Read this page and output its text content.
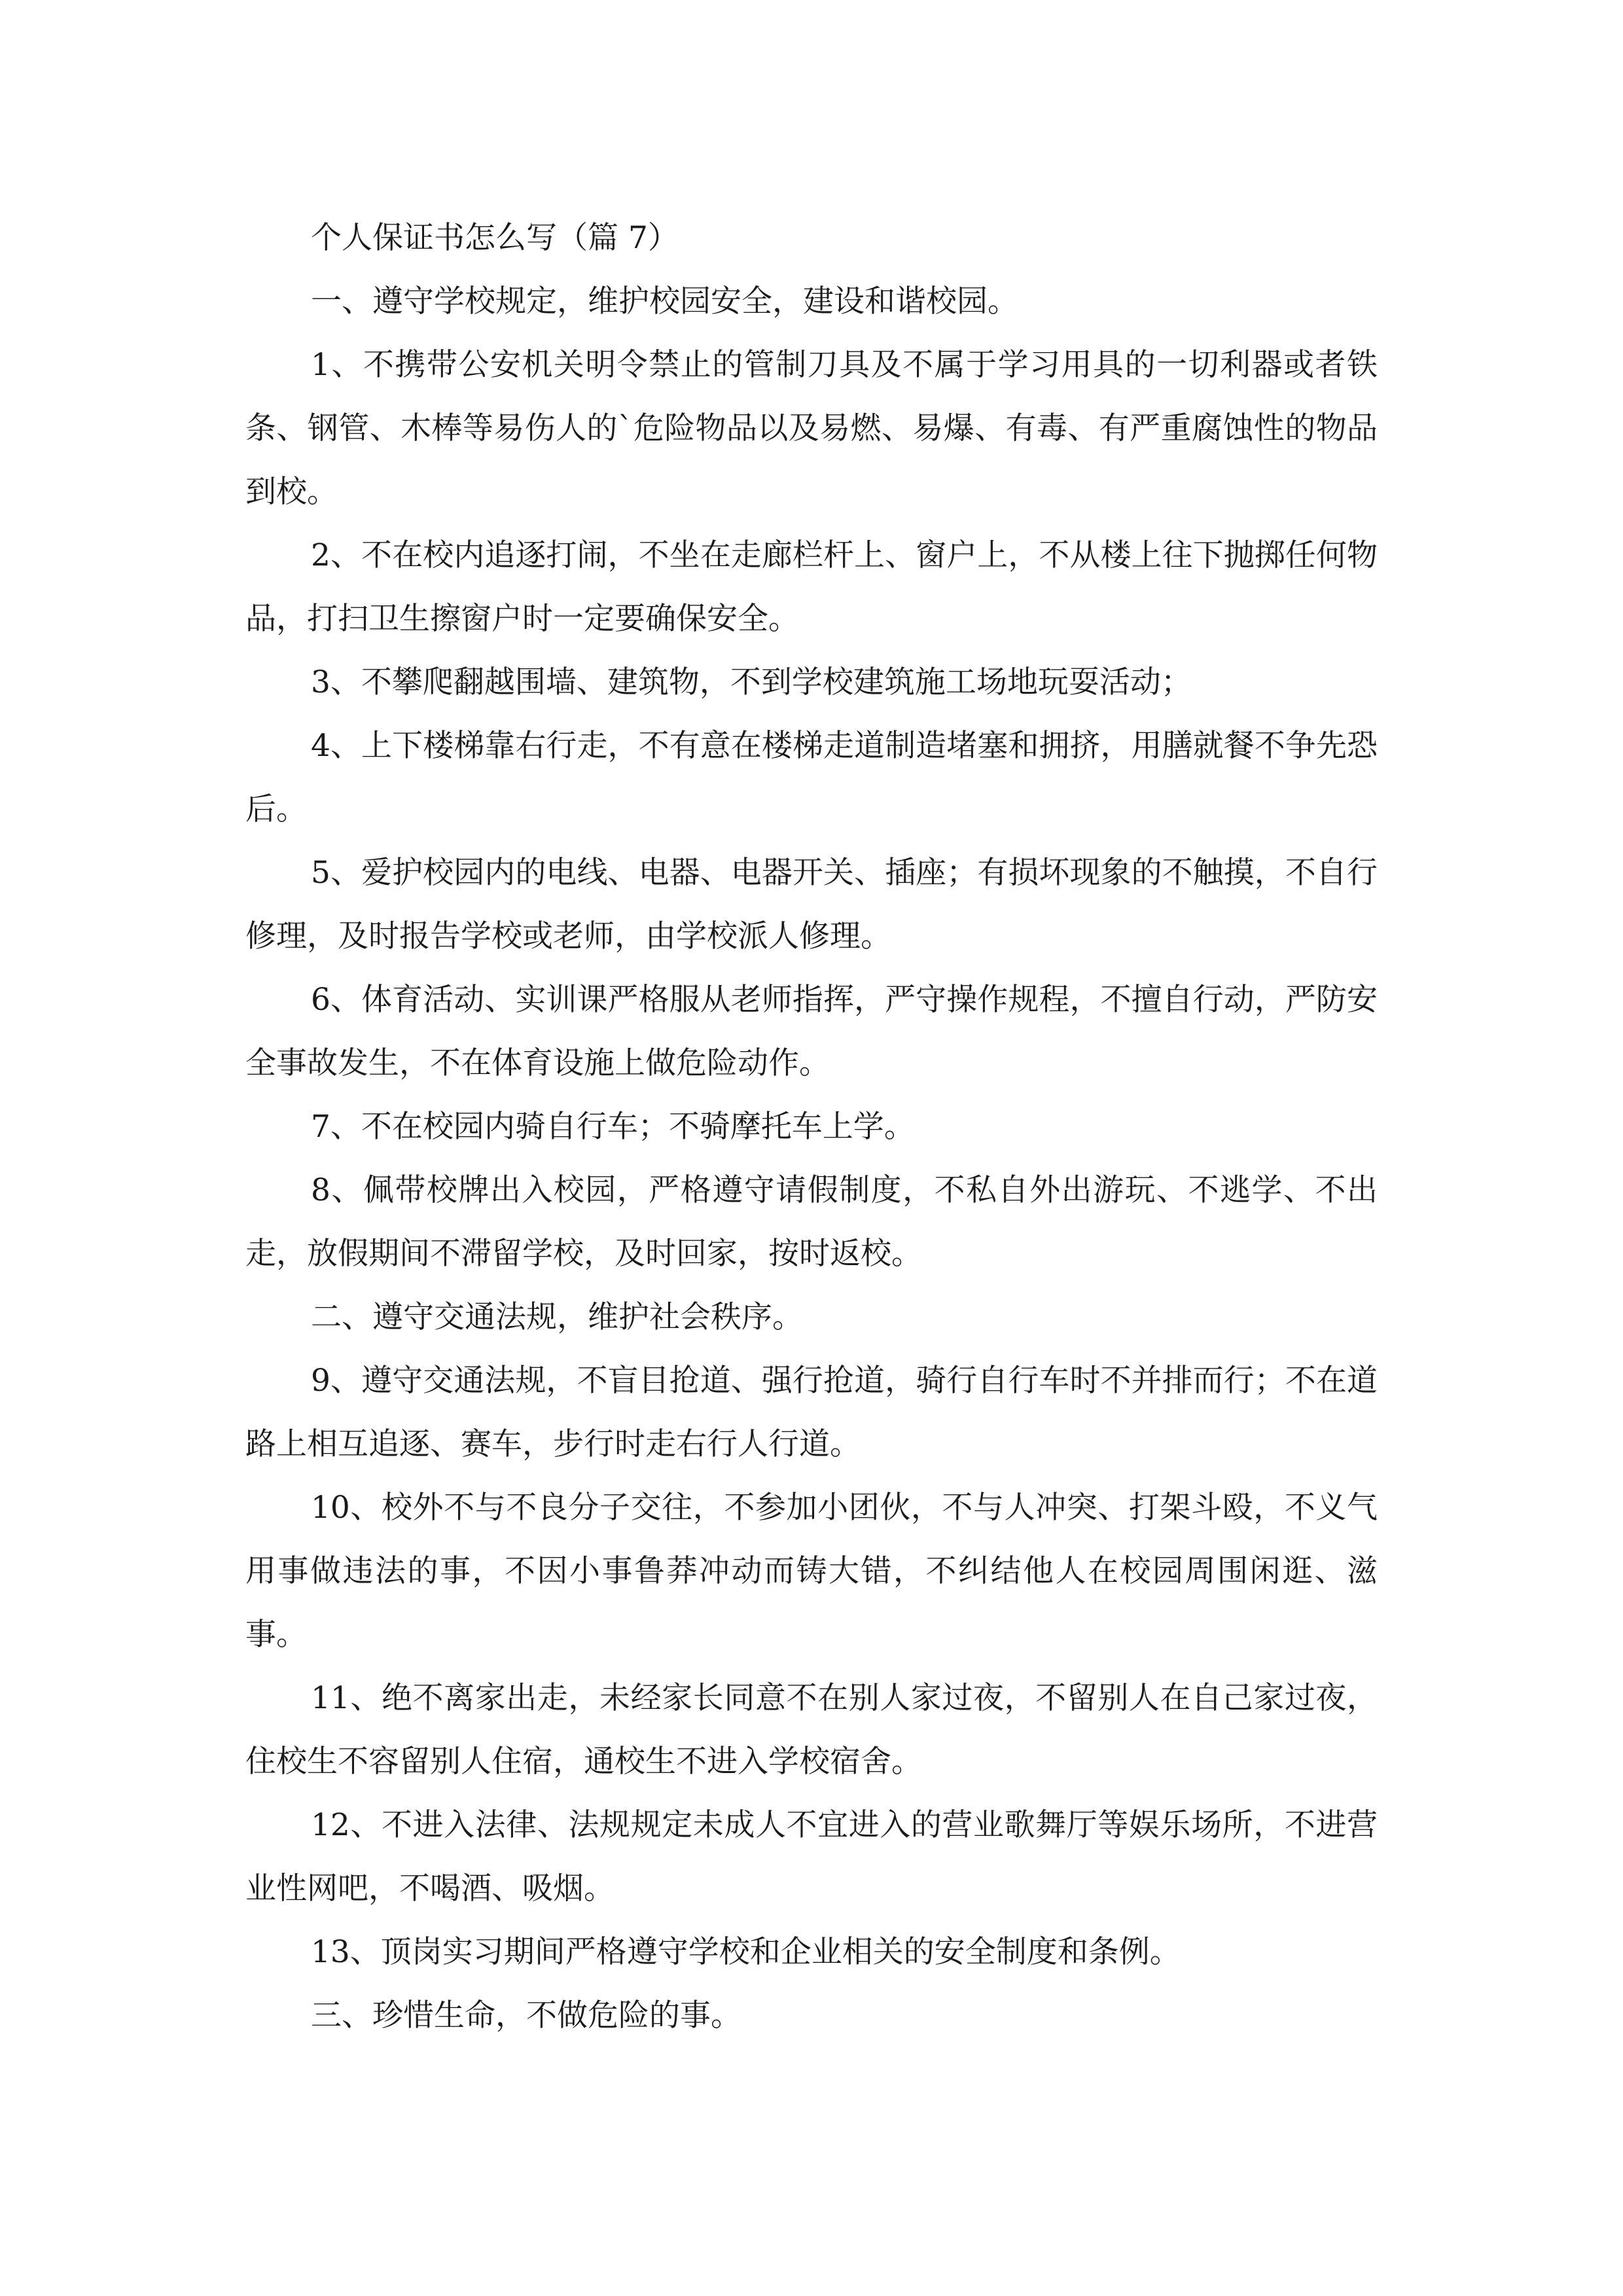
个人保证书怎么写（篇 7）

一、遵守学校规定，维护校园安全，建设和谐校园。

1、不携带公安机关明令禁止的管制刀具及不属于学习用具的一切利器或者铁条、钢管、木棒等易伤人的`危险物品以及易燃、易爆、有毒、有严重腐蚀性的物品到校。

2、不在校内追逐打闹，不坐在走廊栏杆上、窗户上，不从楼上往下抛掷任何物品，打扫卫生擦窗户时一定要确保安全。

3、不攀爬翻越围墙、建筑物，不到学校建筑施工场地玩耍活动；

4、上下楼梯靠右行走，不有意在楼梯走道制造堵塞和拥挤，用膳就餐不争先恐后。

5、爱护校园内的电线、电器、电器开关、插座；有损坏现象的不触摸，不自行修理，及时报告学校或老师，由学校派人修理。

6、体育活动、实训课严格服从老师指挥，严守操作规程，不擅自行动，严防安全事故发生，不在体育设施上做危险动作。

7、不在校园内骑自行车；不骑摩托车上学。

8、佩带校牌出入校园，严格遵守请假制度，不私自外出游玩、不逃学、不出走，放假期间不滞留学校，及时回家，按时返校。

二、遵守交通法规，维护社会秩序。

9、遵守交通法规，不盲目抢道、强行抢道，骑行自行车时不并排而行；不在道路上相互追逐、赛车，步行时走右行人行道。

10、校外不与不良分子交往，不参加小团伙，不与人冲突、打架斗殴，不义气用事做违法的事，不因小事鲁莽冲动而铸大错，不纠结他人在校园周围闲逛、滋事。

11、绝不离家出走，未经家长同意不在别人家过夜，不留别人在自己家过夜，住校生不容留别人住宿，通校生不进入学校宿舍。

12、不进入法律、法规规定未成人不宜进入的营业歌舞厅等娱乐场所，不进营业性网吧，不喝酒、吸烟。

13、顶岗实习期间严格遵守学校和企业相关的安全制度和条例。

三、珍惜生命，不做危险的事。
